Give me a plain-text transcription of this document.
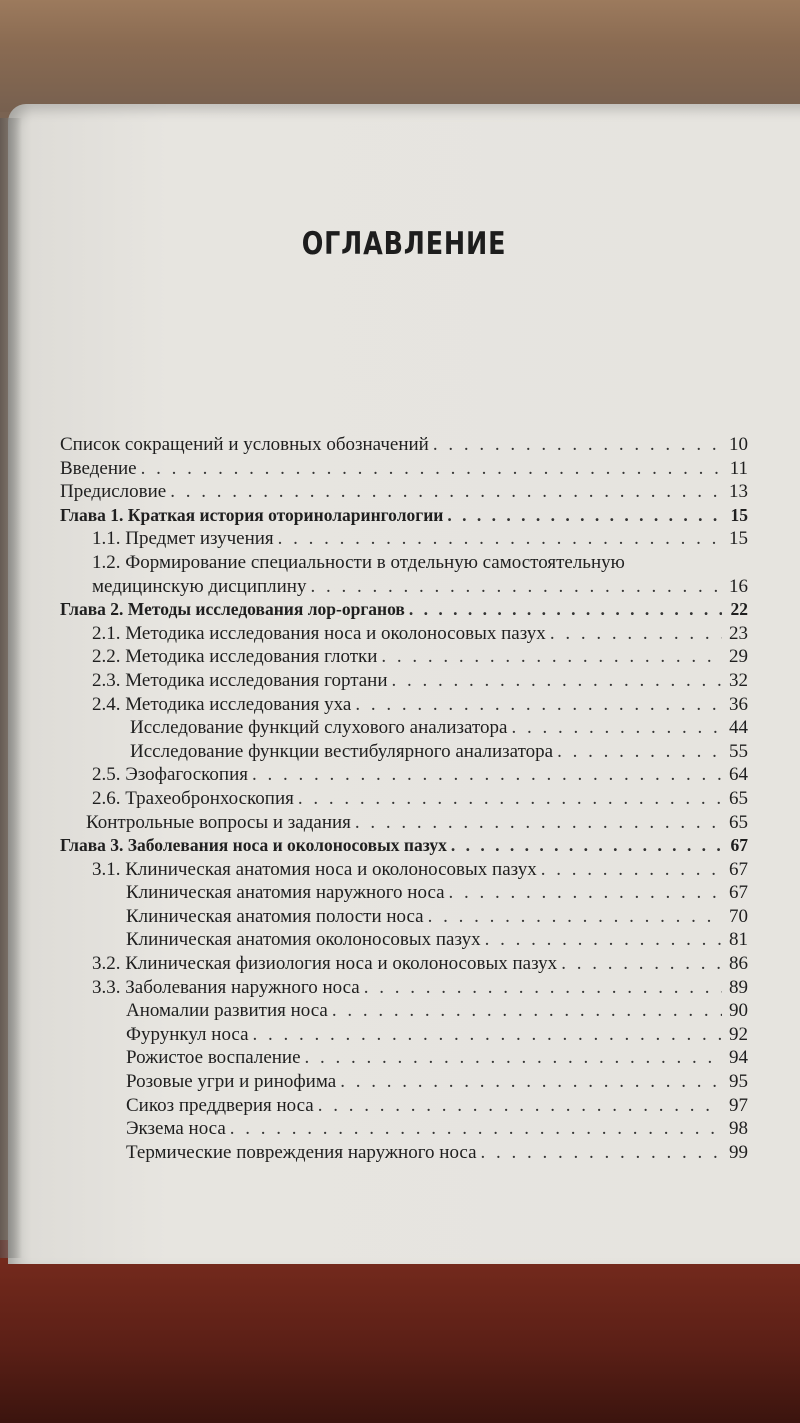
ОГЛАВЛЕНИЕ
Список сокращений и условных обозначений . . .	10
Введение . . .	11
Предисловие . . .	13
Глава 1. Краткая история оториноларингологии . . .	15
1.1. Предмет изучения . . .	15
1.2. Формирование специальности в отдельную самостоятельную
медицинскую дисциплину . . .	16
Глава 2. Методы исследования лор-органов . . .	22
2.1. Методика исследования носа и околоносовых пазух . . .	23
2.2. Методика исследования глотки . . .	29
2.3. Методика исследования гортани . . .	32
2.4. Методика исследования уха . . .	36
Исследование функций слухового анализатора . . .	44
Исследование функции вестибулярного анализатора . . .	55
2.5. Эзофагоскопия . . .	64
2.6. Трахеобронхоскопия . . .	65
Контрольные вопросы и задания . . .	65
Глава 3. Заболевания носа и околоносовых пазух . . .	67
3.1. Клиническая анатомия носа и околоносовых пазух . . .	67
Клиническая анатомия наружного носа . . .	67
Клиническая анатомия полости носа . . .	70
Клиническая анатомия околоносовых пазух . . .	81
3.2. Клиническая физиология носа и околоносовых пазух . . .	86
3.3. Заболевания наружного носа . . .	89
Аномалии развития носа . . .	90
Фурункул носа . . .	92
Рожистое воспаление . . .	94
Розовые угри и ринофима . . .	95
Сикоз преддверия носа . . .	97
Экзема носа . . .	98
Термические повреждения наружного носа . . .	99
